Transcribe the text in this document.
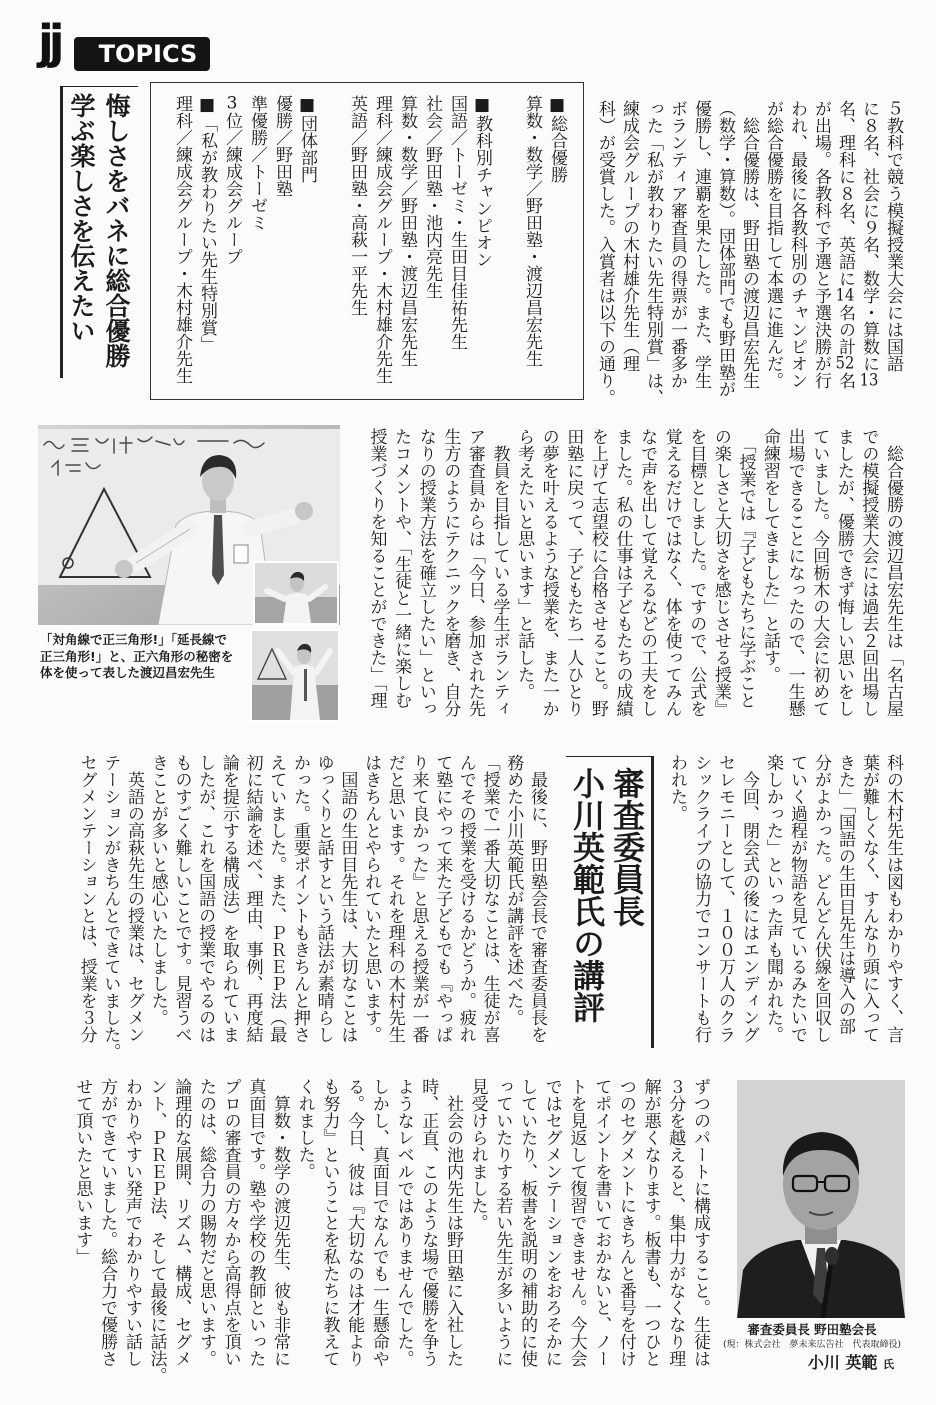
TOPICS
jj
悔しさをバネに総合優勝
学ぶ楽しさを伝えたい	■総合優勝
算数・数学／野田塾・渡辺昌宏先生
■教科別チャンピオン
国語／トーゼミ・生田目佳祐先生
社会／野田塾・池内亮先生
算数・数学／野田塾・渡辺昌宏先生
理科／練成会グループ・木村雄介先生
英語／野田塾・高萩一平先生
■団体部門
優勝／野田塾
準優勝／トーゼミ
3位／練成会グループ
■「私が教わりたい先生特別賞」
理科／練成会グループ・木村雄介先生	５教科で競う模擬授業大会には国語
に８名、社会に９名、数学・算数に13
名、理科に８名、英語に14名の計52名
が出場。各教科で予選と予選決勝が行
われ、最後に各教科別のチャンピオン
が総合優勝を目指して本選に進んだ。
　総合優勝は、野田塾の渡辺昌宏先生
（数学・算数）。団体部門でも野田塾が
優勝し、連覇を果たした。また、学生
ボランティア審査員の得票が一番多か
った「私が教わりたい先生特別賞」は、
練成会グループの木村雄介先生（理
科）が受賞した。入賞者は以下の通り。
　総合優勝の渡辺昌宏先生は「名古屋
での模擬授業大会には過去２回出場し
ましたが、優勝できず悔しい思いをし
ていました。今回栃木の大会に初めて
出場できることになったので、一生懸
命練習をしてきました」と話す。
　「授業では『子どもたちに学ぶこと
の楽しさと大切さを感じさせる授業』
を目標としました。ですので、公式を
覚えるだけではなく、体を使ってみん
なで声を出して覚えるなどの工夫をし
ました。私の仕事は子どもたちの成績
を上げて志望校に合格させること。野
田塾に戻って、子どもたち一人ひとり
の夢を叶えるような授業を、また一か
ら考えたいと思います」と話した。
　教員を目指している学生ボランティ
ア審査員からは「今日、参加された先
生方のようにテクニックを磨き、自分
なりの授業方法を確立したい」といっ
たコメントや、「生徒と一緒に楽しむ
授業づくりを知ることができた」「理
科の木村先生は図もわかりやすく、言
葉が難しくなく、すんなり頭に入って
きた」「国語の生田目先生は導入の部
分がよかった。どんどん伏線を回収し
ていく過程が物語を見ているみたいで
楽しかった」といった声も聞かれた。
　今回、閉会式の後にはエンディング
セレモニーとして、１００万人のクラ
シックライブの協力でコンサートも行
われた。
審査委員長
小川英範氏の講評
　最後に、野田塾会長で審査委員長を
務めた小川英範氏が講評を述べた。
「授業で一番大切なことは、生徒が喜
んでその授業を受けるかどうか。疲れ
て塾にやって来た子どもでも『やっぱ
り来て良かった』と思える授業が一番
だと思います。それを理科の木村先生
はきちんとやられていたと思います。
　国語の生田目先生は、大切なことは
ゆっくりと話すという話法が素晴らし
かった。重要ポイントもきちんと押さ
えていました。また、ＰＲＥＰ法（最
初に結論を述べ、理由、事例、再度結
論を提示する構成法）を取られていま
したが、これを国語の授業でやるのは
ものすごく難しいことです。見習うべ
きことが多いと感心いたしました。
　英語の高萩先生の授業は、セグメン
テーションがきちんとできていました。
セグメンテーションとは、授業を３分
ずつのパートに構成すること。生徒は
３分を越えると、集中力がなくなり理
解が悪くなります。板書も、一つひと
つのセグメントにきちんと番号を付け
てポイントを書いておかないと、ノー
トを見返して復習できません。今大会
ではセグメンテーションをおろそかに
していたり、板書を説明の補助的に使
っていたりする若い先生が多いように
見受けられました。
　社会の池内先生は野田塾に入社した
時、正直、このような場で優勝を争う
ようなレベルではありませんでした。
しかし、真面目でなんでも一生懸命や
る。今日、彼は『大切なのは才能より
も努力』ということを私たちに教えて
くれました。
　算数・数学の渡辺先生、彼も非常に
真面目です。塾や学校の教師といった
プロの審査員の方々から高得点を頂い
たのは、総合力の賜物だと思います。
論理的な展開、リズム、構成、セグメ
ント、ＰＲＥＰ法、そして最後に話法。
わかりやすい発声でわかりやすい話し
方ができていました。総合力で優勝さ
せて頂いたと思います」
「対角線で正三角形!」「延長線で
正三角形!」と、正六角形の秘密を
体を使って表した渡辺昌宏先生
審査委員長 野田塾会長
(現：株式会社　夢未来広告社　代表取締役)
小川 英範 氏
